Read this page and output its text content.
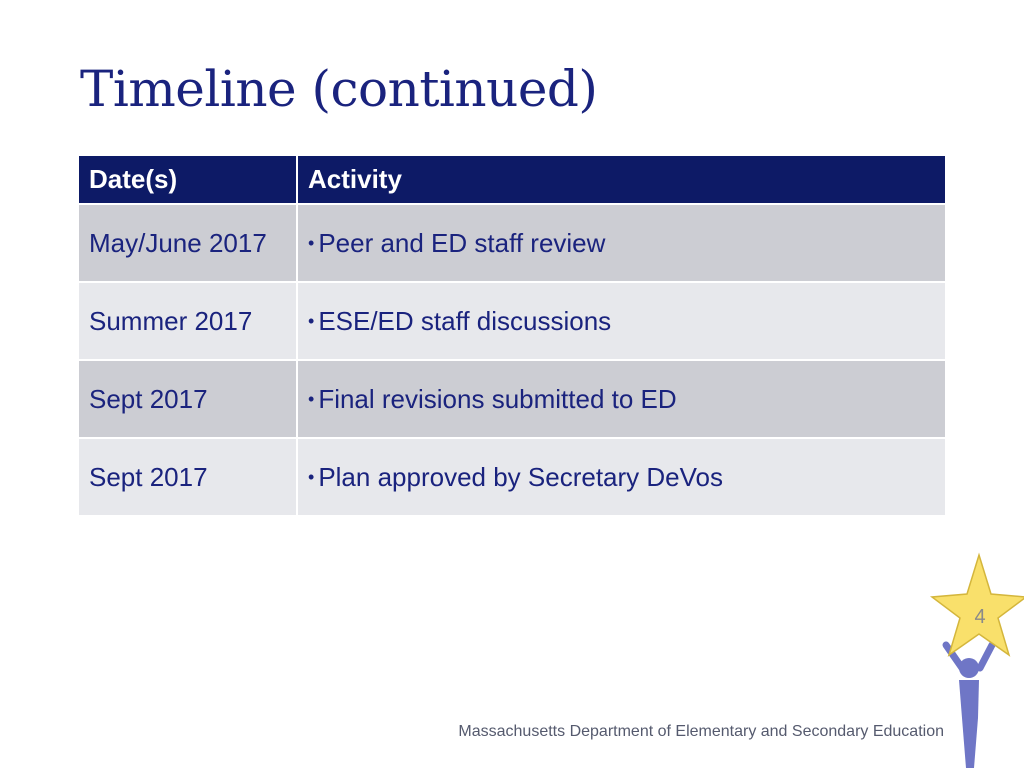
Timeline (continued)
Date(s)	Activity
May/June 2017	• Peer and ED staff review
Summer 2017	• ESE/ED staff discussions
Sept 2017	• Final revisions submitted to ED
Sept 2017	• Plan approved by Secretary DeVos
4
Massachusetts Department of Elementary and Secondary Education
